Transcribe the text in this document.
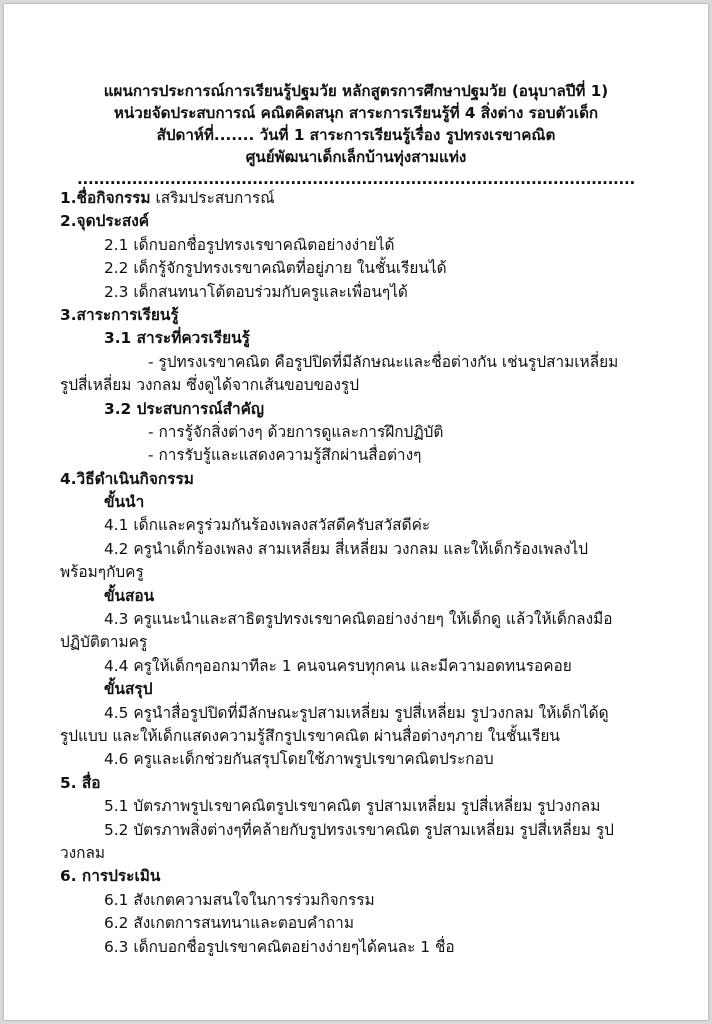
แผนการประการณ์การเรียนรู้ปฐมวัย หลักสูตรการศึกษาปฐมวัย (อนุบาลปีที่ 1)
หน่วยจัดประสบการณ์ คณิตคิดสนุก สาระการเรียนรู้ที่ 4 สิ่งต่าง รอบตัวเด็ก
สัปดาห์ที่....... วันที่ 1 สาระการเรียนรู้เรื่อง รูปทรงเรขาคณิต
ศูนย์พัฒนาเด็กเล็กบ้านทุ่งสามแท่ง
......................................................................................................
1.ชื่อกิจกรรม เสริมประสบการณ์
2.จุดประสงค์
2.1 เด็กบอกชื่อรูปทรงเรขาคณิตอย่างง่ายได้
2.2 เด็กรู้จักรูปทรงเรขาคณิตที่อยู่ภาย ในชั้นเรียนได้
2.3 เด็กสนทนาโต้ตอบร่วมกับครูและเพื่อนๆได้
3.สาระการเรียนรู้
3.1 สาระที่ควรเรียนรู้
- รูปทรงเรขาคณิต คือรูปปิดที่มีลักษณะและชื่อต่างกัน เช่นรูปสามเหลี่ยม
รูปสี่เหลี่ยม วงกลม ซึ่งดูได้จากเส้นขอบของรูป
3.2 ประสบการณ์สำคัญ
- การรู้จักสิ่งต่างๆ ด้วยการดูและการฝึกปฏิบัติ
- การรับรู้และแสดงความรู้สึกผ่านสื่อต่างๆ
4.วิธีดำเนินกิจกรรม
ขั้นนำ
4.1 เด็กและครูร่วมกันร้องเพลงสวัสดีครับสวัสดีค่ะ
4.2 ครูนำเด็กร้องเพลง สามเหลี่ยม สี่เหลี่ยม วงกลม และให้เด็กร้องเพลงไป
พร้อมๆกับครู
ขั้นสอน
4.3 ครูแนะนำและสาธิตรูปทรงเรขาคณิตอย่างง่ายๆ ให้เด็กดู แล้วให้เด็กลงมือ
ปฏิบัติตามครู
4.4 ครูให้เด็กๆออกมาทีละ 1 คนจนครบทุกคน และมีความอดทนรอคอย
ขั้นสรุป
4.5 ครูนำสื่อรูปปิดที่มีลักษณะรูปสามเหลี่ยม รูปสี่เหลี่ยม รูปวงกลม ให้เด็กได้ดู
รูปแบบ และให้เด็กแสดงความรู้สึกรูปเรขาคณิต ผ่านสื่อต่างๆภาย ในชั้นเรียน
4.6 ครูและเด็กช่วยกันสรุปโดยใช้ภาพรูปเรขาคณิตประกอบ
5. สื่อ
5.1 บัตรภาพรูปเรขาคณิตรูปเรขาคณิต รูปสามเหลี่ยม รูปสี่เหลี่ยม รูปวงกลม
5.2 บัตรภาพสิ่งต่างๆที่คล้ายกับรูปทรงเรขาคณิต รูปสามเหลี่ยม รูปสี่เหลี่ยม รูป
วงกลม
6. การประเมิน
6.1 สังเกตความสนใจในการร่วมกิจกรรม
6.2 สังเกตการสนทนาและตอบคำถาม
6.3 เด็กบอกชื่อรูปเรขาคณิตอย่างง่ายๆได้คนละ 1 ชื่อ
